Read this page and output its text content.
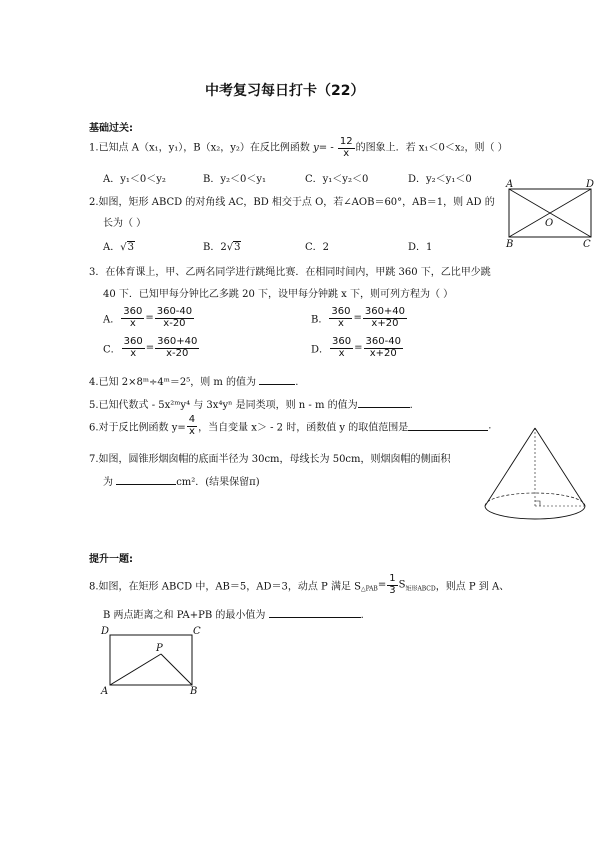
中考复习每日打卡（22）
基础过关:
1.已知点 A（x₁，y₁），B（x₂，y₂）在反比例函数 $y= - \frac{12}{x}$ 的图象上．若 x₁＜0＜x₂，则（ ）
A．y₁＜0＜y₂	B．y₂＜0＜y₁	C．y₁＜y₂＜0	D．y₂＜y₁＜0
2.如图，矩形 ABCD 的对角线 AC，BD 相交于点 O，若∠AOB＝60°，AB＝1，则 AD 的
长为（ ）
A．√3	B．2√3	C．2	D．1
A	D
O
B	C
3．在体育课上，甲、乙两名同学进行跳绳比赛．在相同时间内，甲跳 360 下，乙比甲少跳
40 下．已知甲每分钟比乙多跳 20 下，设甲每分钟跳 x 下，则可列方程为（ ）
A． $\frac{360}{x} = \frac{360-40}{x-20}$	B． $\frac{360}{x} = \frac{360+40}{x+20}$
C． $\frac{360}{x} = \frac{360+40}{x-20}$	D． $\frac{360}{x} = \frac{360-40}{x+20}$
4.已知 2×8ᵐ÷4ᵐ＝2⁵，则 m 的值为	.
5.已知代数式 - 5x²ᵐy⁴ 与 3x⁴yⁿ 是同类项，则 n - m 的值为	.
6.对于反比例函数 $y= \frac{4}{x}$ ，当自变量 x＞ - 2 时，函数值 y 的取值范围是	.
7.如图，圆锥形烟囱帽的底面半径为 30cm，母线长为 50cm，则烟囱帽的侧面积
为	cm²．(结果保留π)
提升一题:
8.如图，在矩形 ABCD 中，AB＝5，AD＝3，动点 P 满足 $S_{\triangle PAB}= \frac{1}{3} S_{矩形ABCD}$，则点 P 到 A、
B 两点距离之和 PA+PB 的最小值为	.
D	C
P
A	B
